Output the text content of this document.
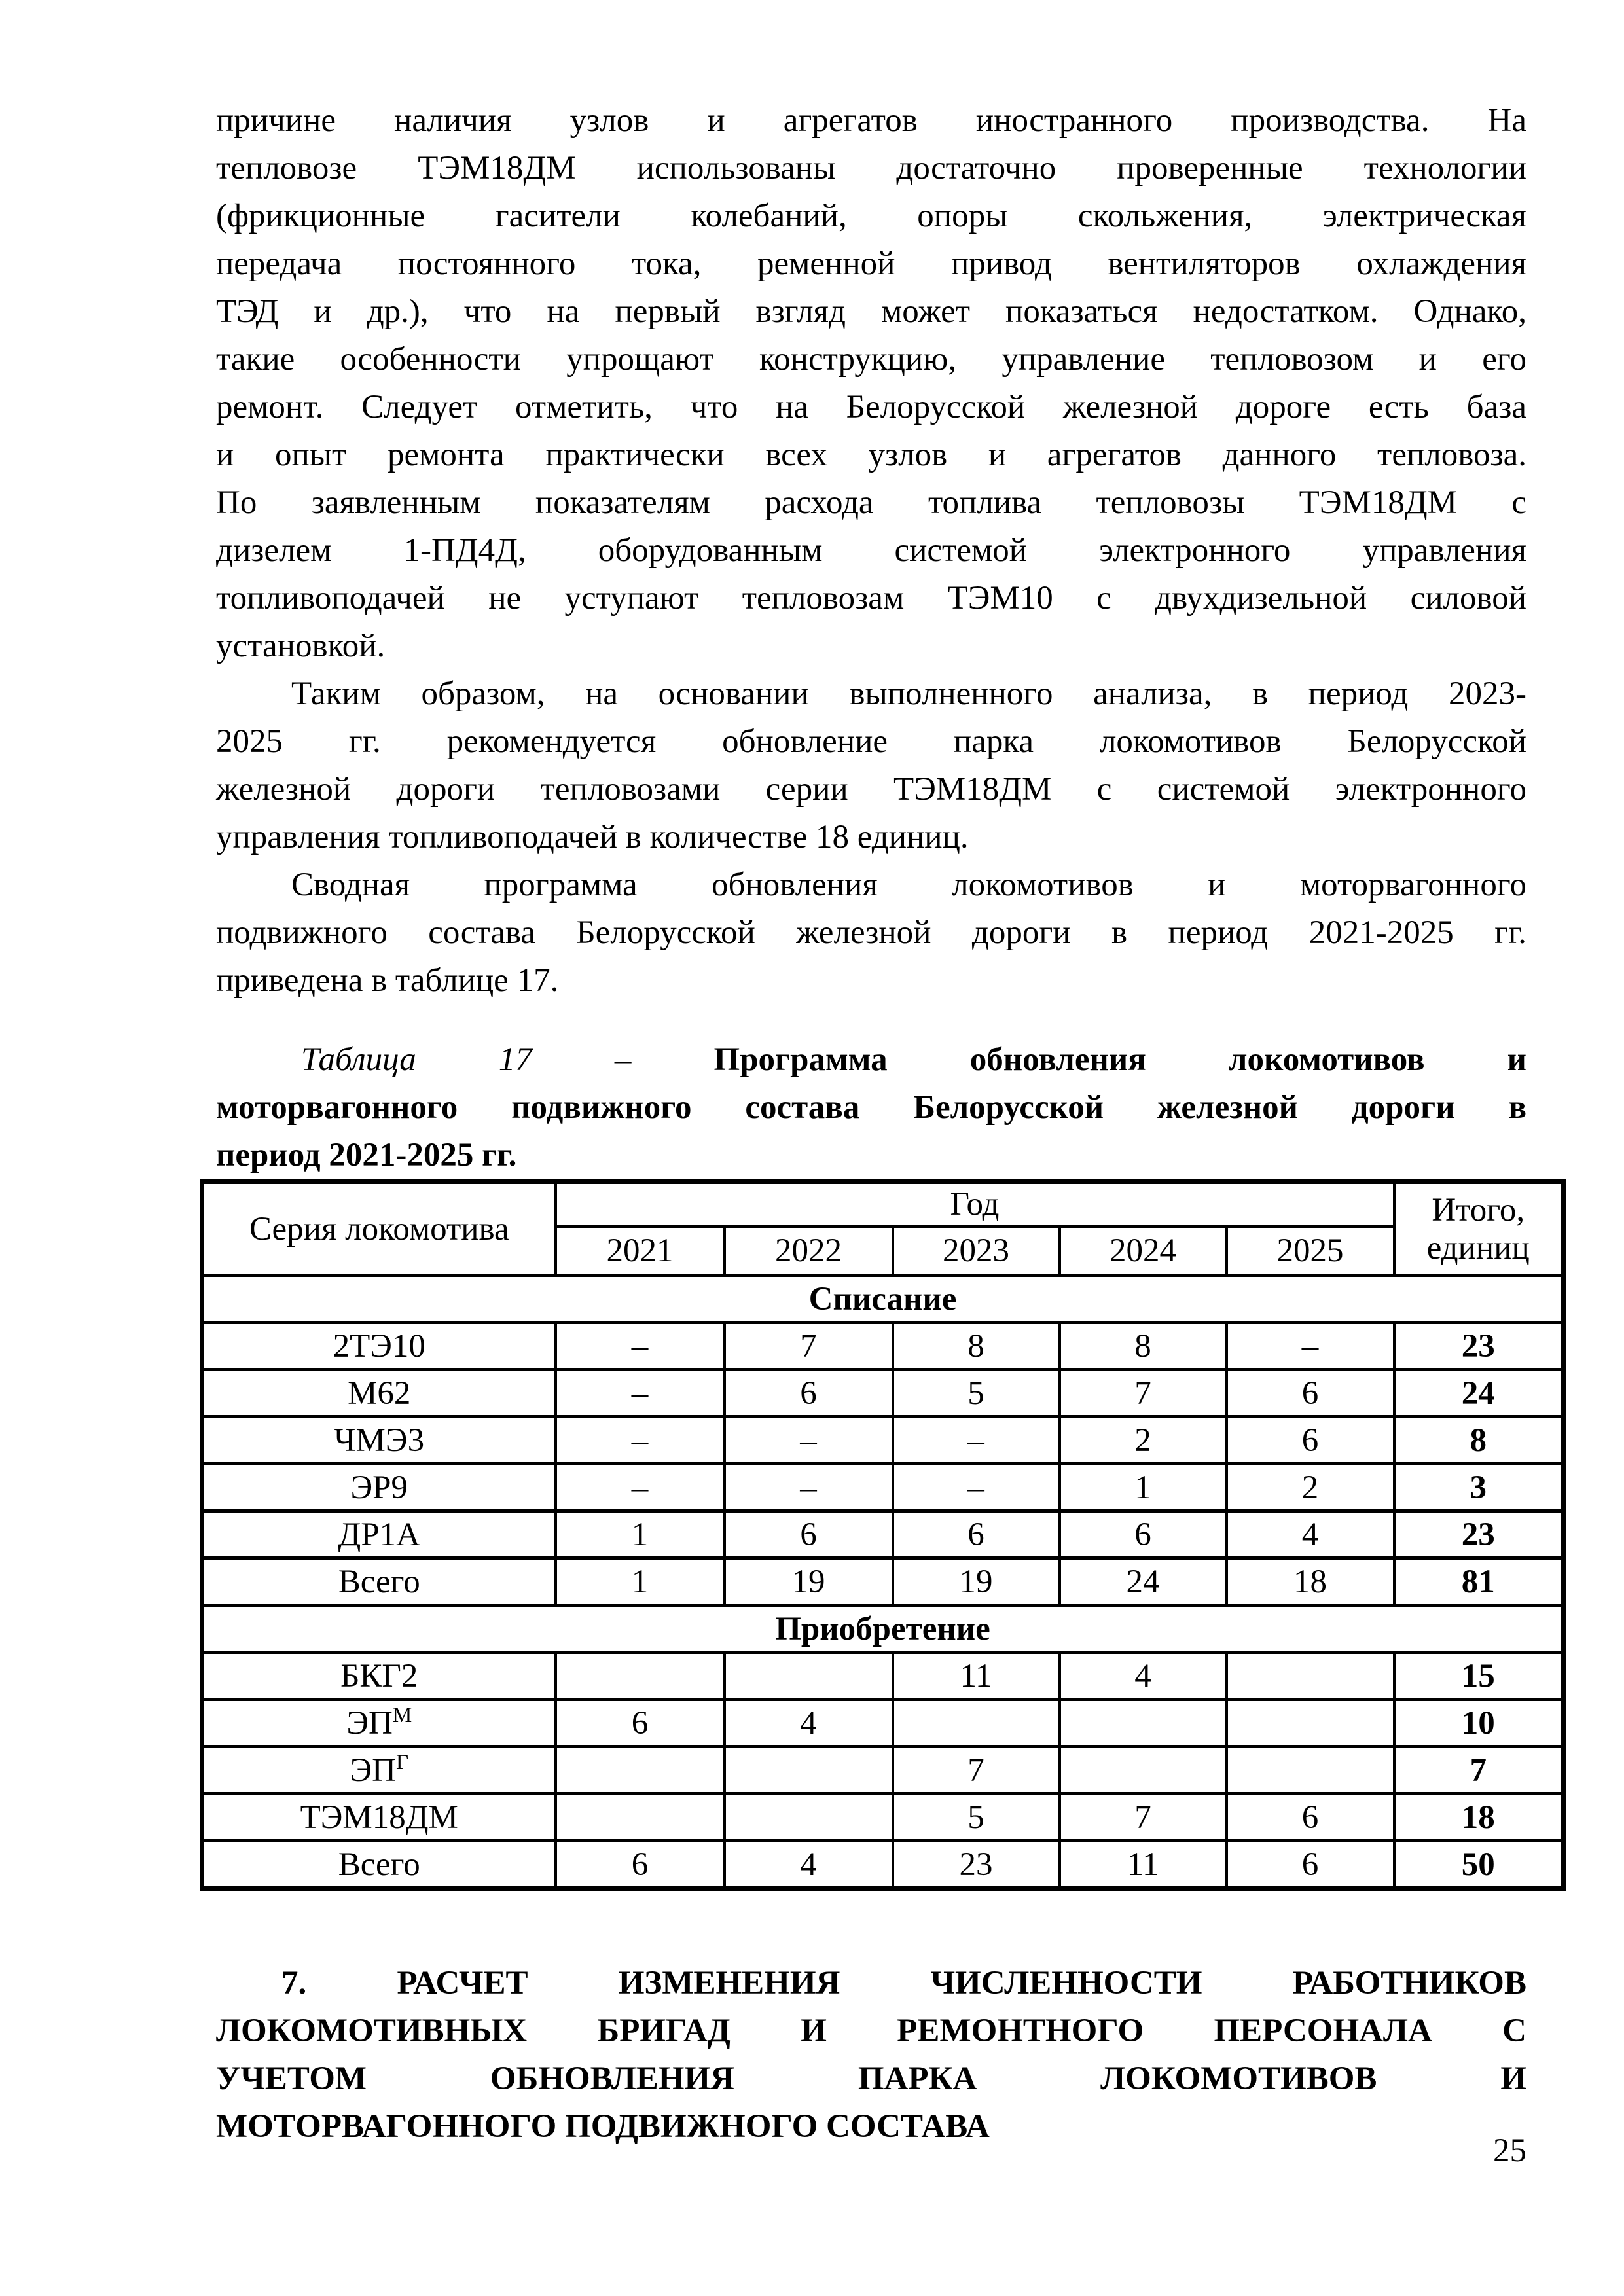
причине наличия узлов и агрегатов иностранного производства. На
тепловозе ТЭМ18ДМ использованы достаточно проверенные технологии
(фрикционные гасители колебаний, опоры скольжения, электрическая
передача постоянного тока, ременной привод вентиляторов охлаждения
ТЭД и др.), что на первый взгляд может показаться недостатком. Однако,
такие особенности упрощают конструкцию, управление тепловозом и его
ремонт. Следует отметить, что на Белорусской железной дороге есть база
и опыт ремонта практически всех узлов и агрегатов данного тепловоза.
По заявленным показателям расхода топлива тепловозы ТЭМ18ДМ с
дизелем 1-ПД4Д, оборудованным системой электронного управления
топливоподачей не уступают тепловозам ТЭМ10 с двухдизельной силовой
установкой.
Таким образом, на основании выполненного анализа, в период 2023-
2025 гг. рекомендуется обновление парка локомотивов Белорусской
железной дороги тепловозами серии ТЭМ18ДМ с системой электронного
управления топливоподачей в количестве 18 единиц.
Сводная программа обновления локомотивов и моторвагонного
подвижного состава Белорусской железной дороги в период 2021-2025 гг.
приведена в таблице 17.
Таблица 17 – Программа обновления локомотивов и
моторвагонного подвижного состава Белорусской железной дороги в
период 2021-2025 гг.
Серия локомотива	Год					Итого,
единиц

	2021	2022	2023	2024	2025	
Списание						
2ТЭ10	–	7	8	8	–	23
М62	–	6	5	7	6	24
ЧМЭ3	–	–	–	2	6	8
ЭР9	–	–	–	1	2	3
ДР1А	1	6	6	6	4	23
Всего	1	19	19	24	18	81
Приобретение						
БКГ2			11	4		15
$ЭП^М$	6	4				10
$ЭП^Г$			7			7
ТЭМ18ДМ			5	7	6	18
Всего	6	4	23	11	6	50
7. РАСЧЕТ ИЗМЕНЕНИЯ ЧИСЛЕННОСТИ РАБОТНИКОВ
ЛОКОМОТИВНЫХ БРИГАД И РЕМОНТНОГО ПЕРСОНАЛА С
УЧЕТОМ ОБНОВЛЕНИЯ ПАРКА ЛОКОМОТИВОВ И
МОТОРВАГОННОГО ПОДВИЖНОГО СОСТАВА
25
